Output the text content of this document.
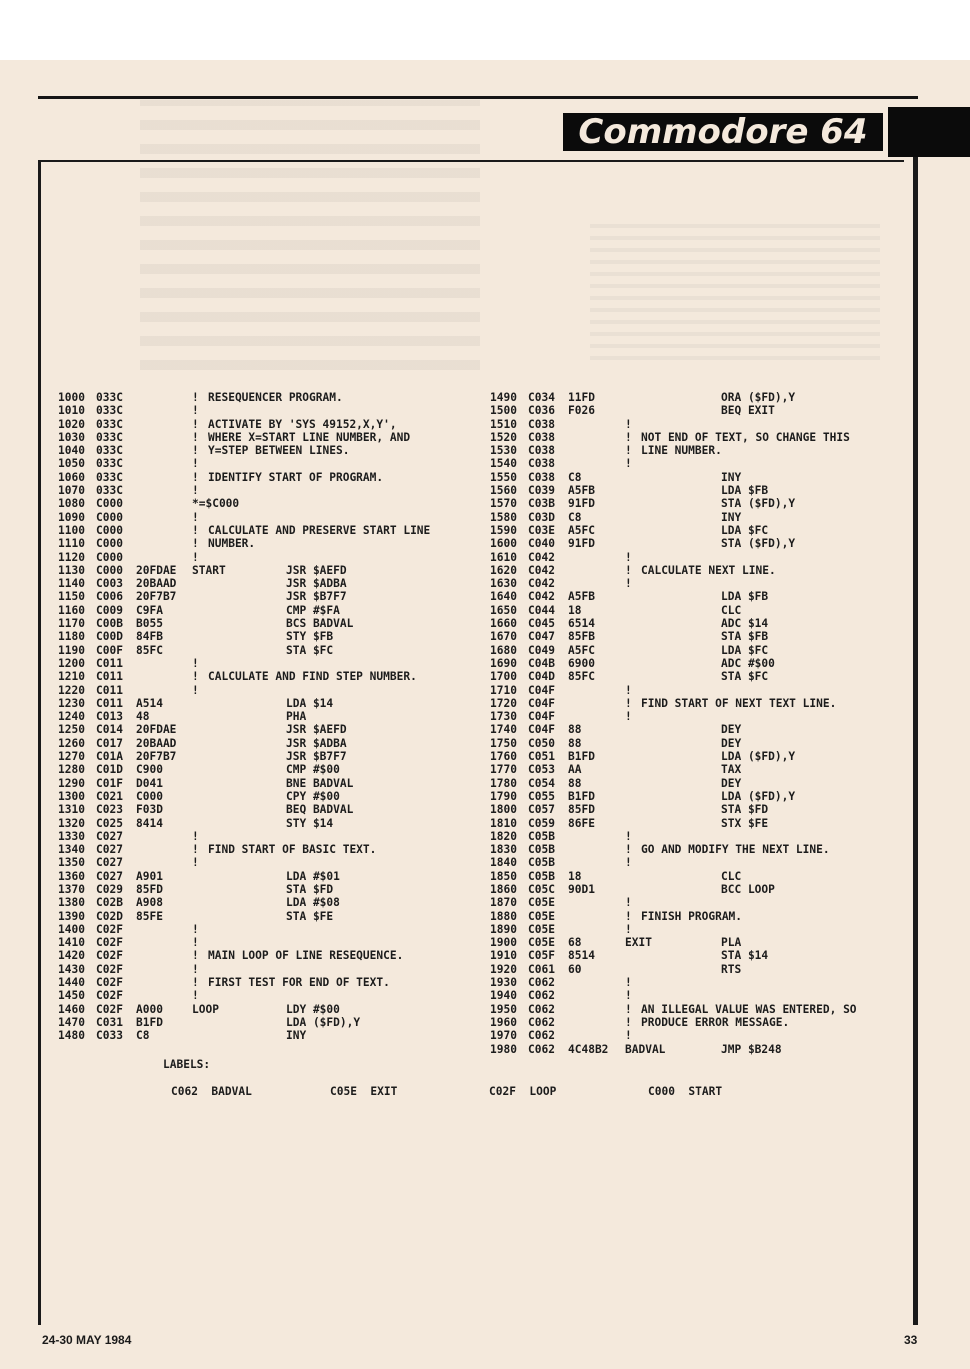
Commodore 64
1000 033C	! RESEQUENCER PROGRAM.
1010 033C	!
1020 033C	! ACTIVATE BY 'SYS 49152,X,Y',
1030 033C	! WHERE X=START LINE NUMBER, AND
1040 033C	! Y=STEP BETWEEN LINES.
1050 033C	!
1060 033C	! IDENTIFY START OF PROGRAM.
1070 033C	!
1080 C000	*=$C000
1090 C000	!
1100 C000	! CALCULATE AND PRESERVE START LINE
1110 C000	! NUMBER.
1120 C000	!
1130 C000 20FDAE START	JSR $AEFD
1140 C003 20BAAD	JSR $ADBA
1150 C006 20F7B7	JSR $B7F7
1160 C009 C9FA	CMP #$FA
1170 C00B B055	BCS BADVAL
1180 C00D 84FB	STY $FB
1190 C00F 85FC	STA $FC
1200 C011	!
1210 C011	! CALCULATE AND FIND STEP NUMBER.
1220 C011	!
1230 C011 A514	LDA $14
1240 C013 48	PHA
1250 C014 20FDAE	JSR $AEFD
1260 C017 20BAAD	JSR $ADBA
1270 C01A 20F7B7	JSR $B7F7
1280 C01D C900	CMP #$00
1290 C01F D041	BNE BADVAL
1300 C021 C000	CPY #$00
1310 C023 F03D	BEQ BADVAL
1320 C025 8414	STY $14
1330 C027	!
1340 C027	! FIND START OF BASIC TEXT.
1350 C027	!
1360 C027 A901	LDA #$01
1370 C029 85FD	STA $FD
1380 C02B A908	LDA #$08
1390 C02D 85FE	STA $FE
1400 C02F	!
1410 C02F	!
1420 C02F	! MAIN LOOP OF LINE RESEQUENCE.
1430 C02F	!
1440 C02F	! FIRST TEST FOR END OF TEXT.
1450 C02F	!
1460 C02F A000	LOOP	LDY #$00
1470 C031 B1FD	LDA ($FD),Y
1480 C033 C8	INY
1490 C034 11FD	ORA ($FD),Y
1500 C036 F026	BEQ EXIT
1510 C038	!
1520 C038	! NOT END OF TEXT, SO CHANGE THIS
1530 C038	! LINE NUMBER.
1540 C038	!
1550 C038 C8	INY
1560 C039 A5FB	LDA $FB
1570 C03B 91FD	STA ($FD),Y
1580 C03D C8	INY
1590 C03E A5FC	LDA $FC
1600 C040 91FD	STA ($FD),Y
1610 C042	!
1620 C042	! CALCULATE NEXT LINE.
1630 C042	!
1640 C042 A5FB	LDA $FB
1650 C044 18	CLC
1660 C045 6514	ADC $14
1670 C047 85FB	STA $FB
1680 C049 A5FC	LDA $FC
1690 C04B 6900	ADC #$00
1700 C04D 85FC	STA $FC
1710 C04F	!
1720 C04F	! FIND START OF NEXT TEXT LINE.
1730 C04F	!
1740 C04F 88	DEY
1750 C050 88	DEY
1760 C051 B1FD	LDA ($FD),Y
1770 C053 AA	TAX
1780 C054 88	DEY
1790 C055 B1FD	LDA ($FD),Y
1800 C057 85FD	STA $FD
1810 C059 86FE	STX $FE
1820 C05B	!
1830 C05B	! GO AND MODIFY THE NEXT LINE.
1840 C05B	!
1850 C05B 18	CLC
1860 C05C 90D1	BCC LOOP
1870 C05E	!
1880 C05E	! FINISH PROGRAM.
1890 C05E	!
1900 C05E 68	EXIT	PLA
1910 C05F 8514	STA $14
1920 C061 60	RTS
1930 C062	!
1940 C062	!
1950 C062	! AN ILLEGAL VALUE WAS ENTERED, SO
1960 C062	! PRODUCE ERROR MESSAGE.
1970 C062	!
1980 C062 4C48B2 BADVAL	JMP $B248
LABELS:
C062  BADVAL	C05E  EXIT	C02F  LOOP	C000  START
24-30 MAY 1984	33
